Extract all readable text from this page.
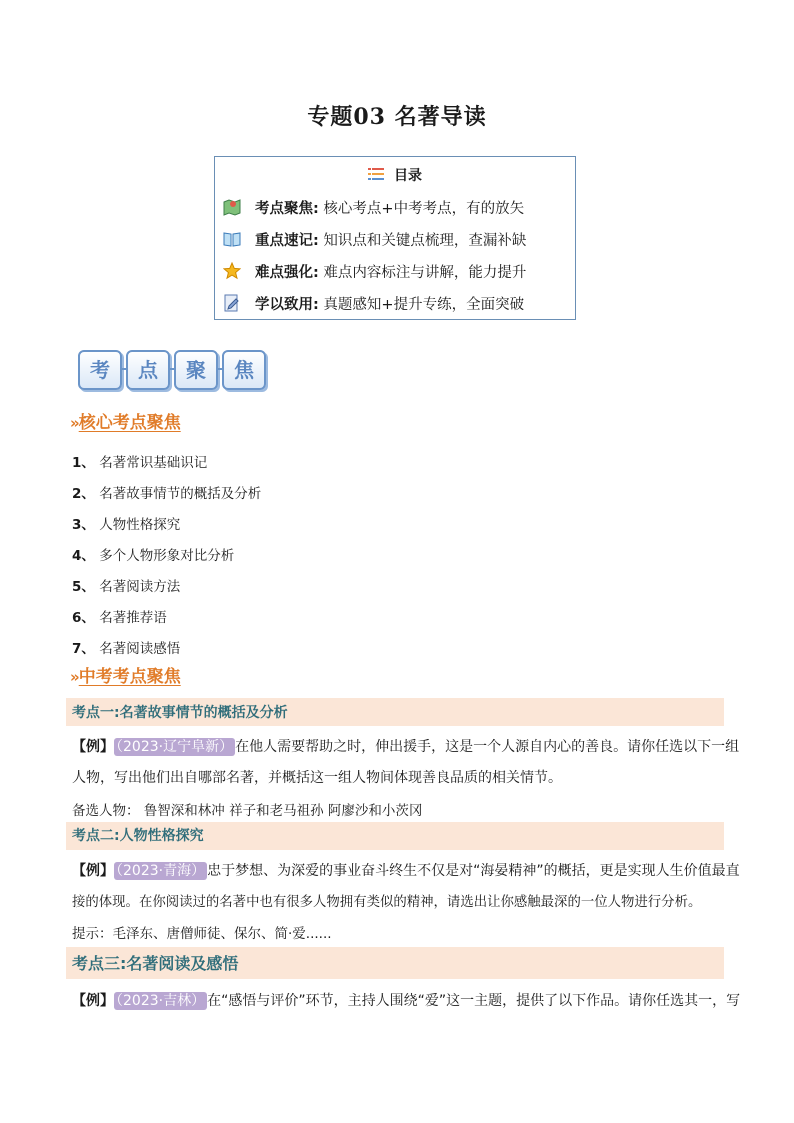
专题03 名著导读
目录
考点聚焦: 核心考点+中考考点，有的放矢
重点速记: 知识点和关键点梳理，查漏补缺
难点强化: 难点内容标注与讲解，能力提升
学以致用: 真题感知+提升专练，全面突破
考	点	聚	焦
» 核心考点聚焦
1、 名著常识基础识记
2、 名著故事情节的概括及分析
3、 人物性格探究
4、 多个人物形象对比分析
5、 名著阅读方法
6、 名著推荐语
7、 名著阅读感悟
» 中考考点聚焦
考点一:名著故事情节的概括及分析
【例】 （2023·辽宁阜新） 在他人需要帮助之时，伸出援手，这是一个人源自内心的善良。请你任选以下一组
人物，写出他们出自哪部名著，并概括这一组人物间体现善良品质的相关情节。
备选人物： 鲁智深和林冲 祥子和老马祖孙 阿廖沙和小茨冈
考点二:人物性格探究
【例】 （2023·青海） 忠于梦想、为深爱的事业奋斗终生不仅是对“海晏精神”的概括，更是实现人生价值最直
接的体现。在你阅读过的名著中也有很多人物拥有类似的精神，请选出让你感触最深的一位人物进行分析。
提示：毛泽东、唐僧师徒、保尔、简·爱......
考点三:名著阅读及感悟
【例】 （2023·吉林） 在“感悟与评价”环节，主持人围绕“爱”这一主题，提供了以下作品。请你任选其一，写
